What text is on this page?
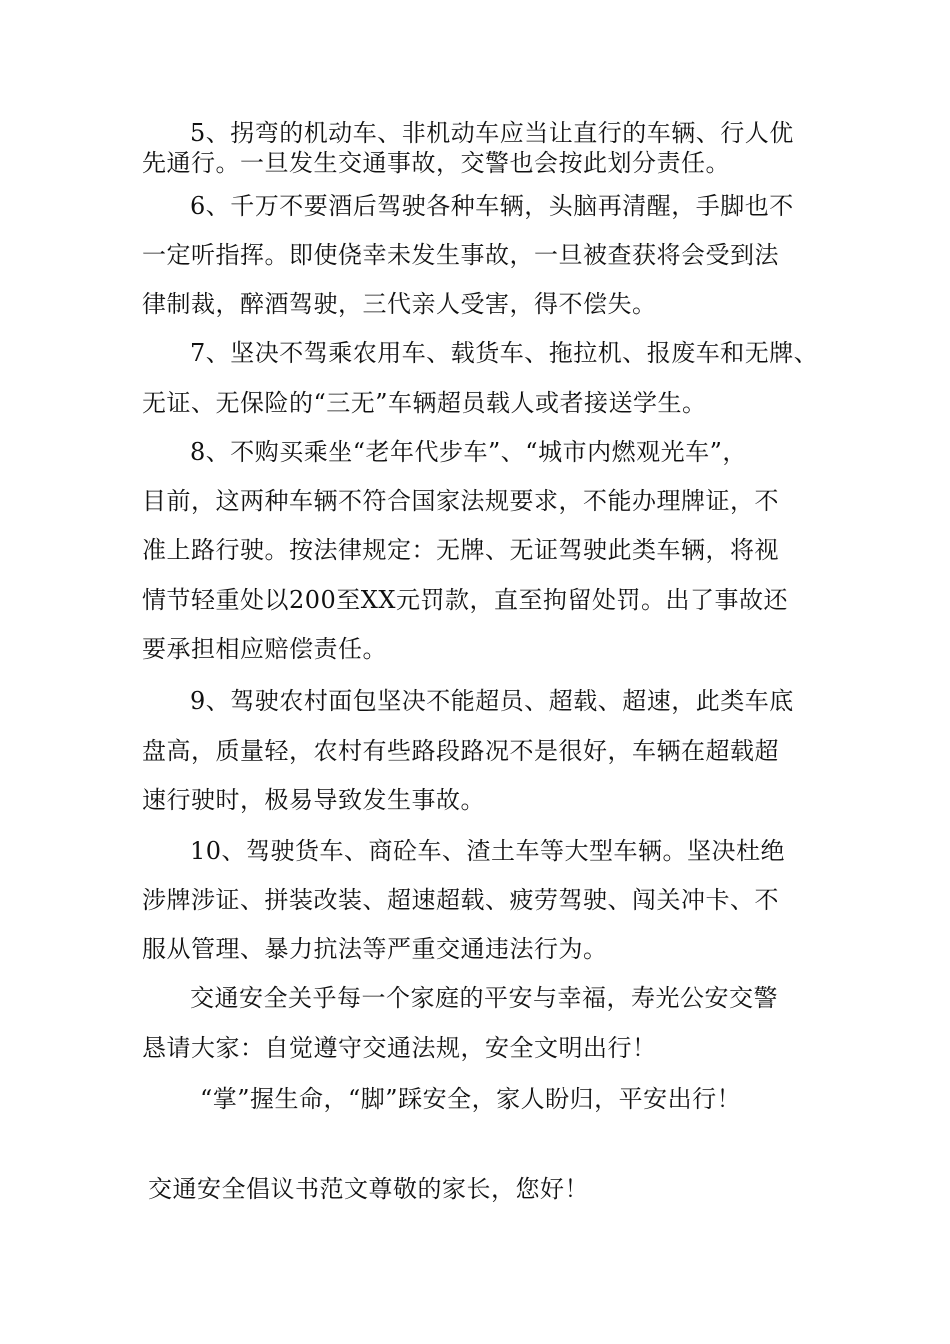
5、拐弯的机动车、非机动车应当让直行的车辆、行人优
先通行。一旦发生交通事故，交警也会按此划分责任。
6、千万不要酒后驾驶各种车辆，头脑再清醒，手脚也不
一定听指挥。即使侥幸未发生事故，一旦被查获将会受到法
律制裁，醉酒驾驶，三代亲人受害，得不偿失。
7、坚决不驾乘农用车、载货车、拖拉机、报废车和无牌、
无证、无保险的“三无”车辆超员载人或者接送学生。
8、不购买乘坐“老年代步车”、“城市内燃观光车”，
目前，这两种车辆不符合国家法规要求，不能办理牌证，不
准上路行驶。按法律规定：无牌、无证驾驶此类车辆，将视
情节轻重处以200至XX元罚款，直至拘留处罚。出了事故还
要承担相应赔偿责任。
9、驾驶农村面包坚决不能超员、超载、超速，此类车底
盘高，质量轻，农村有些路段路况不是很好，车辆在超载超
速行驶时，极易导致发生事故。
10、驾驶货车、商砼车、渣土车等大型车辆。坚决杜绝
涉牌涉证、拼装改装、超速超载、疲劳驾驶、闯关冲卡、不
服从管理、暴力抗法等严重交通违法行为。
交通安全关乎每一个家庭的平安与幸福，寿光公安交警
恳请大家：自觉遵守交通法规，安全文明出行！
“掌”握生命，“脚”踩安全，家人盼归，平安出行！
交通安全倡议书范文尊敬的家长，您好！
